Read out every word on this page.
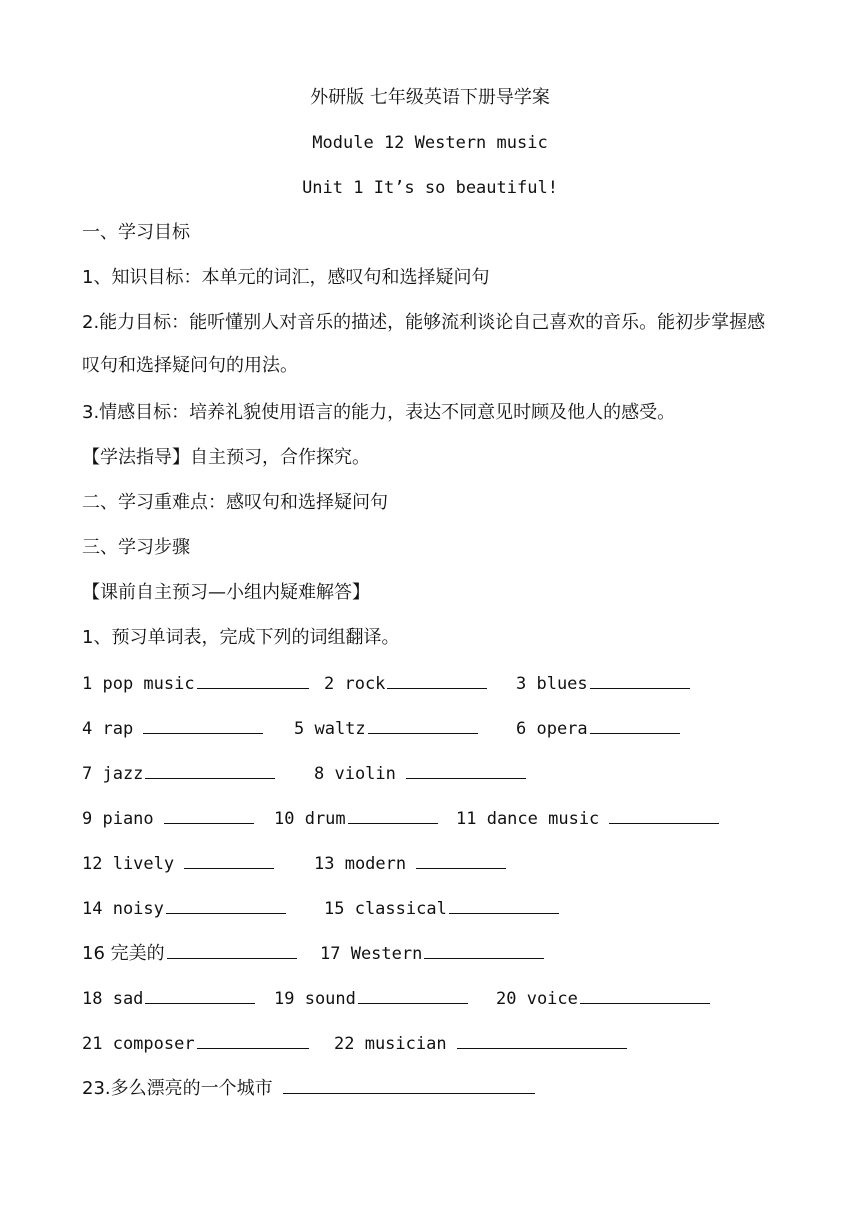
外研版 七年级英语下册导学案
Module 12 Western music
Unit 1 It’s so beautiful!
一、学习目标
1、知识目标：本单元的词汇，感叹句和选择疑问句
2.能力目标：能听懂别人对音乐的描述，能够流利谈论自己喜欢的音乐。能初步掌握感叹句和选择疑问句的用法。
3.情感目标：培养礼貌使用语言的能力，表达不同意见时顾及他人的感受。
【学法指导】自主预习，合作探究。
二、学习重难点：感叹句和选择疑问句
三、学习步骤
【课前自主预习—小组内疑难解答】
1、预习单词表，完成下列的词组翻译。
1 pop music	2 rock	3 blues
4 rap	5 waltz	6 opera
7 jazz	8 violin
9 piano	10 drum	11 dance music
12 lively	13 modern
14 noisy	15 classical
16 完美的	17 Western
18 sad	19 sound	20 voice
21 composer	22 musician
23.多么漂亮的一个城市
